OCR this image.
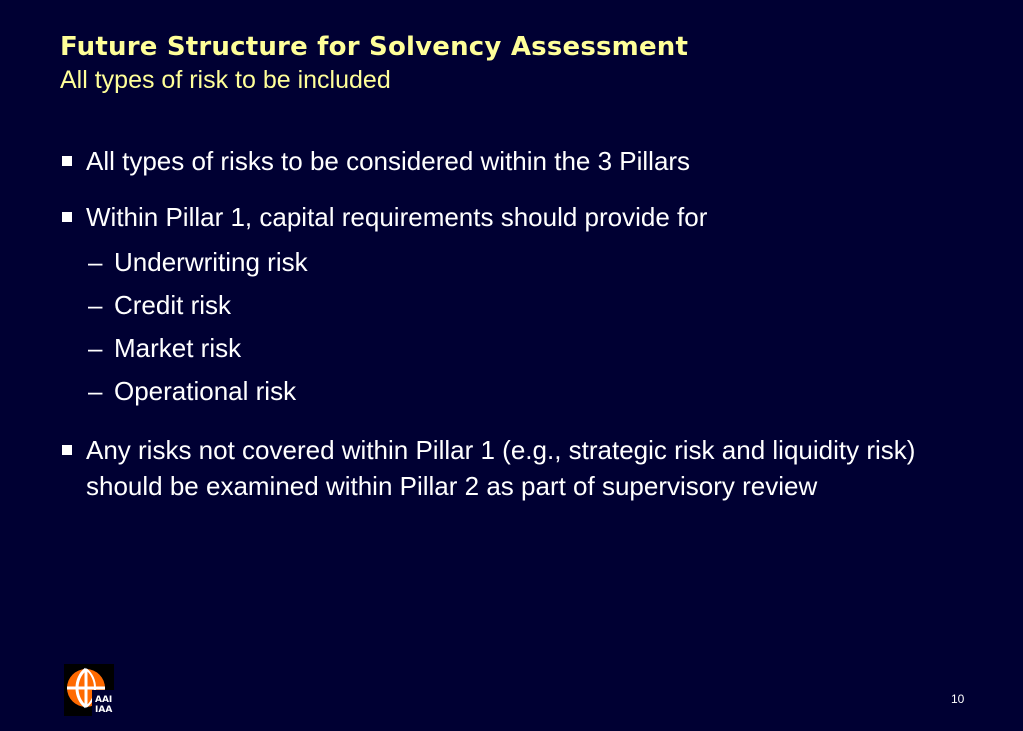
Future Structure for Solvency Assessment
All types of risk to be included
All types of risks to be considered within the 3 Pillars
Within Pillar 1, capital requirements should provide for
– Underwriting risk
– Credit risk
– Market risk
– Operational risk
Any risks not covered within Pillar 1 (e.g., strategic risk and liquidity risk) should be examined within Pillar 2 as part of supervisory review
AAI
IAA
10
